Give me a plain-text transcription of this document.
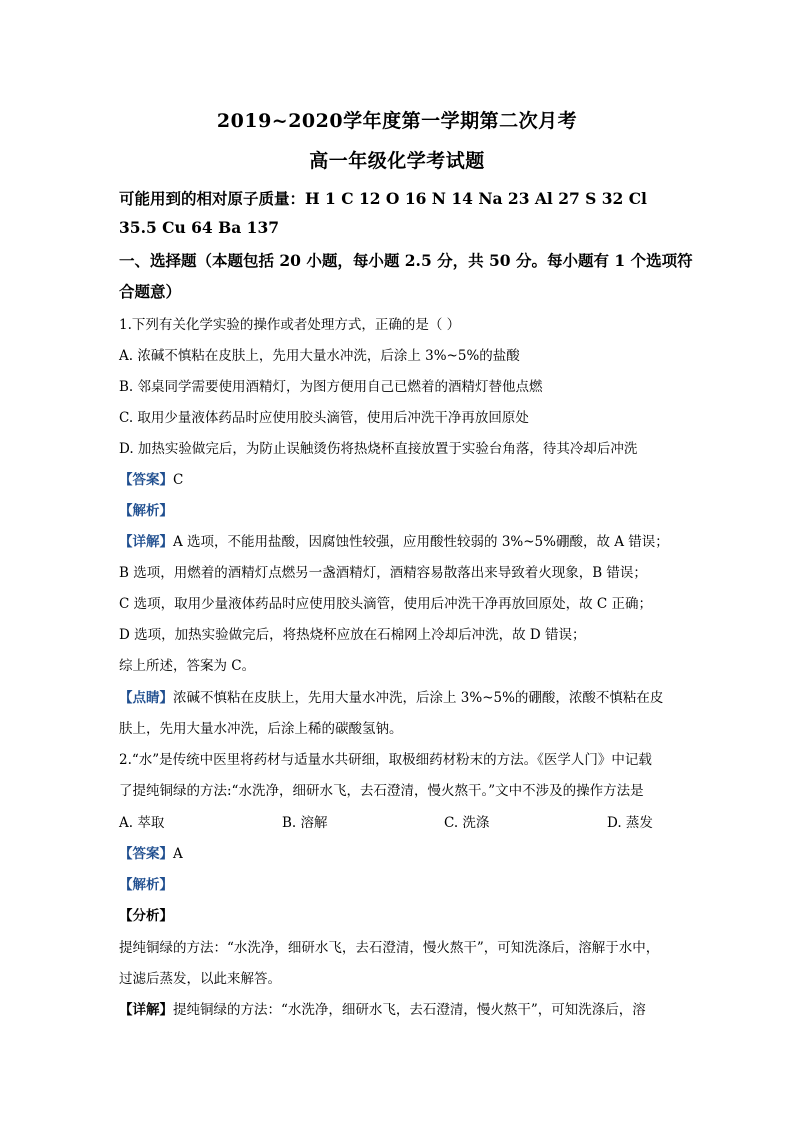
2019~2020学年度第一学期第二次月考
高一年级化学考试题
可能用到的相对原子质量：H 1 C 12 O 16 N 14 Na 23 Al 27 S 32 Cl
35.5 Cu 64 Ba 137
一、选择题（本题包括 20 小题，每小题 2.5 分，共 50 分。每小题有 1 个选项符
合题意）
1.下列有关化学实验的操作或者处理方式，正确的是（ ）
A. 浓碱不慎粘在皮肤上，先用大量水冲洗，后涂上 3%~5%的盐酸
B. 邻桌同学需要使用酒精灯，为图方便用自己已燃着的酒精灯替他点燃
C. 取用少量液体药品时应使用胶头滴管，使用后冲洗干净再放回原处
D. 加热实验做完后，为防止误触烫伤将热烧杯直接放置于实验台角落，待其冷却后冲洗
【答案】C
【解析】
【详解】A 选项，不能用盐酸，因腐蚀性较强，应用酸性较弱的 3%~5%硼酸，故 A 错误；
B 选项，用燃着的酒精灯点燃另一盏酒精灯，酒精容易散落出来导致着火现象，B 错误；
C 选项，取用少量液体药品时应使用胶头滴管，使用后冲洗干净再放回原处，故 C 正确；
D 选项，加热实验做完后，将热烧杯应放在石棉网上冷却后冲洗，故 D 错误；
综上所述，答案为 C。
【点睛】浓碱不慎粘在皮肤上，先用大量水冲洗，后涂上 3%~5%的硼酸，浓酸不慎粘在皮
肤上，先用大量水冲洗，后涂上稀的碳酸氢钠。
2.“水”是传统中医里将药材与适量水共研细，取极细药材粉末的方法。《医学人门》中记载
了提纯铜绿的方法:“水洗净，细研水飞，去石澄清，慢火熬干。”文中不涉及的操作方法是
A. 萃取	B. 溶解	C. 洗涤	D. 蒸发
【答案】A
【解析】
【分析】
提纯铜绿的方法：“水洗净，细研水飞，去石澄清，慢火熬干”，可知洗涤后，溶解于水中，
过滤后蒸发，以此来解答。
【详解】提纯铜绿的方法：“水洗净，细研水飞，去石澄清，慢火熬干”，可知洗涤后，溶
